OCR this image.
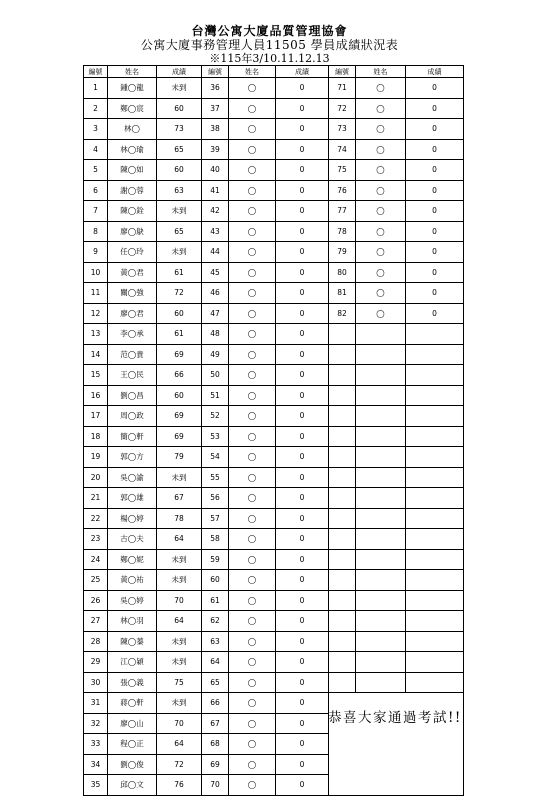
台灣公寓大廈品質管理協會
公寓大廈事務管理人員11505 學員成績狀況表
※115年3/10.11.12.13
編號	姓名	成績	編號	姓名	成績	編號	姓名	成績
1	鍾◯龍	未到	36	◯	0	71	◯	0
2	鄭◯宸	60	37	◯	0	72	◯	0
3	林◯	73	38	◯	0	73	◯	0
4	林◯瑜	65	39	◯	0	74	◯	0
5	陳◯如	60	40	◯	0	75	◯	0
6	謝◯蓉	63	41	◯	0	76	◯	0
7	陳◯銓	未到	42	◯	0	77	◯	0
8	廖◯鴃	65	43	◯	0	78	◯	0
9	任◯玲	未到	44	◯	0	79	◯	0
10	黃◯君	61	45	◯	0	80	◯	0
11	關◯強	72	46	◯	0	81	◯	0
12	廖◯君	60	47	◯	0	82	◯	0
13	李◯承	61	48	◯	0			
14	范◯貴	69	49	◯	0			
15	王◯民	66	50	◯	0			
16	劉◯昌	60	51	◯	0			
17	周◯政	69	52	◯	0			
18	簡◯軒	69	53	◯	0			
19	郭◯方	79	54	◯	0			
20	吳◯諭	未到	55	◯	0			
21	郭◯雄	67	56	◯	0			
22	楊◯婷	78	57	◯	0			
23	古◯夫	64	58	◯	0			
24	鄭◯妮	未到	59	◯	0			
25	黃◯祐	未到	60	◯	0			
26	吳◯婷	70	61	◯	0			
27	林◯羽	64	62	◯	0			
28	陳◯蓁	未到	63	◯	0			
29	江◯穎	未到	64	◯	0			
30	張◯義	75	65	◯	0			
31	蔣◯軒	未到	66	◯	0			
32	廖◯山	70	67	◯	0			
33	程◯正	64	68	◯	0			
34	劉◯俊	72	69	◯	0			
35	邱◯文	76	70	◯	0			
恭喜大家通過考試!!
